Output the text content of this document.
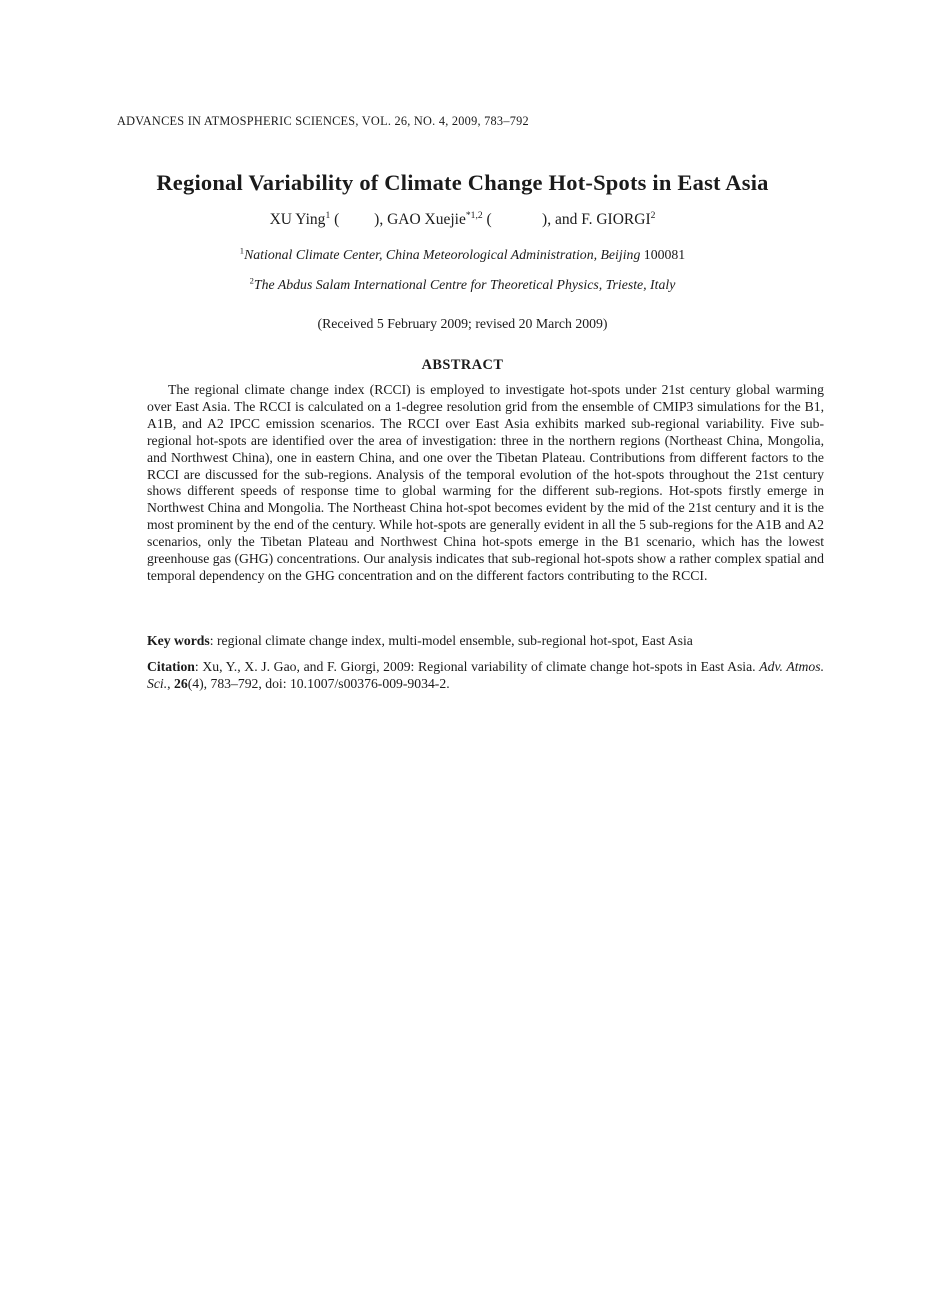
ADVANCES IN ATMOSPHERIC SCIENCES, VOL. 26, NO. 4, 2009, 783–792
Regional Variability of Climate Change Hot-Spots in East Asia
XU Ying$^1$ (         ), GAO Xuejie$^{*1,2}$ (             ), and F. GIORGI$^2$
$^1$National Climate Center, China Meteorological Administration, Beijing 100081
$^2$The Abdus Salam International Centre for Theoretical Physics, Trieste, Italy
(Received 5 February 2009; revised 20 March 2009)
ABSTRACT
The regional climate change index (RCCI) is employed to investigate hot-spots under 21st century global warming over East Asia. The RCCI is calculated on a 1-degree resolution grid from the ensemble of CMIP3 simulations for the B1, A1B, and A2 IPCC emission scenarios. The RCCI over East Asia exhibits marked sub-regional variability. Five sub-regional hot-spots are identified over the area of investigation: three in the northern regions (Northeast China, Mongolia, and Northwest China), one in eastern China, and one over the Tibetan Plateau. Contributions from different factors to the RCCI are discussed for the sub-regions. Analysis of the temporal evolution of the hot-spots throughout the 21st century shows different speeds of response time to global warming for the different sub-regions. Hot-spots firstly emerge in Northwest China and Mongolia. The Northeast China hot-spot becomes evident by the mid of the 21st century and it is the most prominent by the end of the century. While hot-spots are generally evident in all the 5 sub-regions for the A1B and A2 scenarios, only the Tibetan Plateau and Northwest China hot-spots emerge in the B1 scenario, which has the lowest greenhouse gas (GHG) concentrations. Our analysis indicates that sub-regional hot-spots show a rather complex spatial and temporal dependency on the GHG concentration and on the different factors contributing to the RCCI.
Key words: regional climate change index, multi-model ensemble, sub-regional hot-spot, East Asia
Citation: Xu, Y., X. J. Gao, and F. Giorgi, 2009: Regional variability of climate change hot-spots in East Asia. Adv. Atmos. Sci., 26(4), 783–792, doi: 10.1007/s00376-009-9034-2.
